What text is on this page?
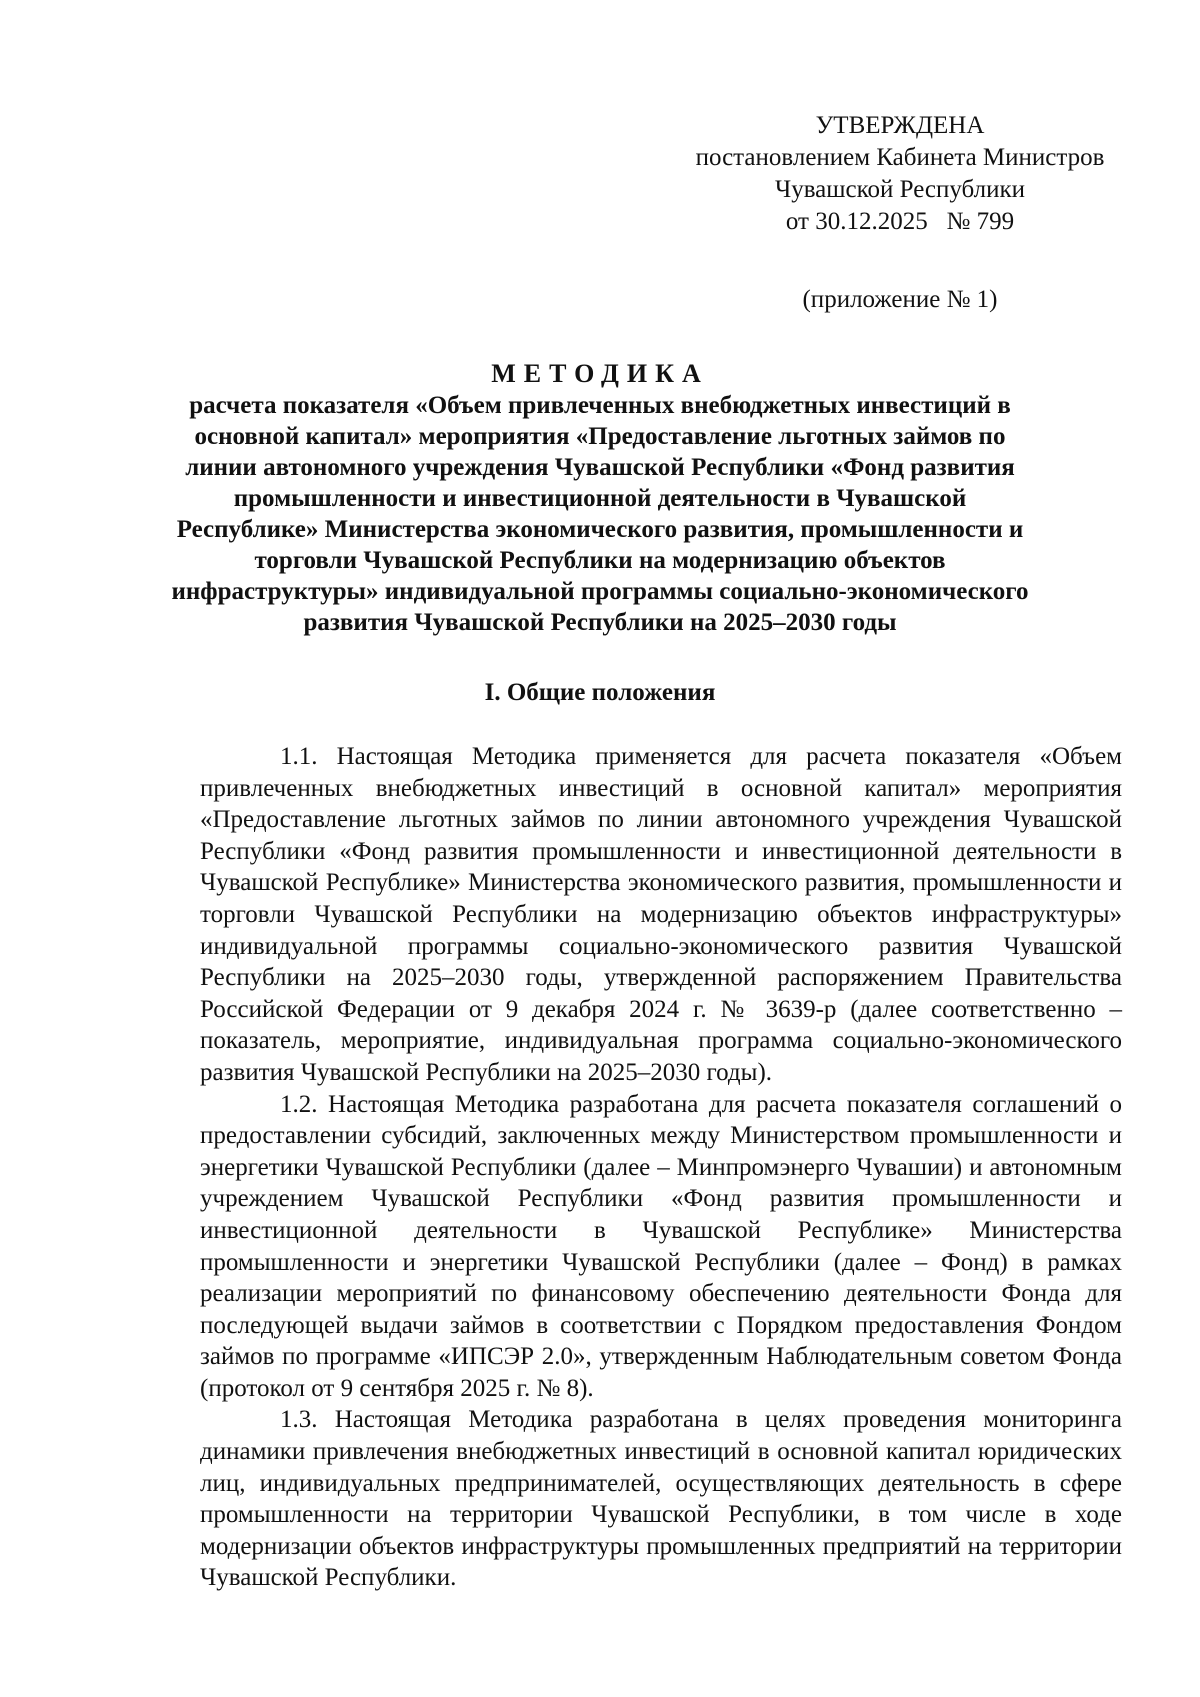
УТВЕРЖДЕНА
постановлением Кабинета Министров
Чувашской Республики
от 30.12.2025   № 799
(приложение № 1)
МЕТОДИКА
расчета показателя «Объем привлеченных внебюджетных инвестиций в основной капитал» мероприятия «Предоставление льготных займов по линии автономного учреждения Чувашской Республики «Фонд развития промышленности и инвестиционной деятельности в Чувашской Республике» Министерства экономического развития, промышленности и торговли Чувашской Республики на модернизацию объектов инфраструктуры» индивидуальной программы социально-экономического развития Чувашской Республики на 2025–2030 годы
I. Общие положения

1.1. Настоящая Методика применяется для расчета показателя «Объем привлеченных внебюджетных инвестиций в основной капитал» мероприятия «Предоставление льготных займов по линии автономного учреждения Чувашской Республики «Фонд развития промышленности и инвестиционной деятельности в Чувашской Республике» Министерства экономического развития, промышленности и торговли Чувашской Республики на модернизацию объектов инфраструктуры» индивидуальной программы социально-экономического развития Чувашской Республики на 2025–2030 годы, утвержденной распоряжением Правительства Российской Федерации от 9 декабря 2024 г. № 3639-р (далее соответственно – показатель, мероприятие, индивидуальная программа социально-экономического развития Чувашской Республики на 2025–2030 годы).

1.2. Настоящая Методика разработана для расчета показателя соглашений о предоставлении субсидий, заключенных между Министерством промышленности и энергетики Чувашской Республики (далее – Минпромэнерго Чувашии) и автономным учреждением Чувашской Республики «Фонд развития промышленности и инвестиционной деятельности в Чувашской Республике» Министерства промышленности и энергетики Чувашской Республики (далее – Фонд) в рамках реализации мероприятий по финансовому обеспечению деятельности Фонда для последующей выдачи займов в соответствии с Порядком предоставления Фондом займов по программе «ИПСЭР 2.0», утвержденным Наблюдательным советом Фонда (протокол от 9 сентября 2025 г. № 8).

1.3. Настоящая Методика разработана в целях проведения мониторинга динамики привлечения внебюджетных инвестиций в основной капитал юридических лиц, индивидуальных предпринимателей, осуществляющих деятельность в сфере промышленности на территории Чувашской Республики, в том числе в ходе модернизации объектов инфраструктуры промышленных предприятий на территории Чувашской Республики.
